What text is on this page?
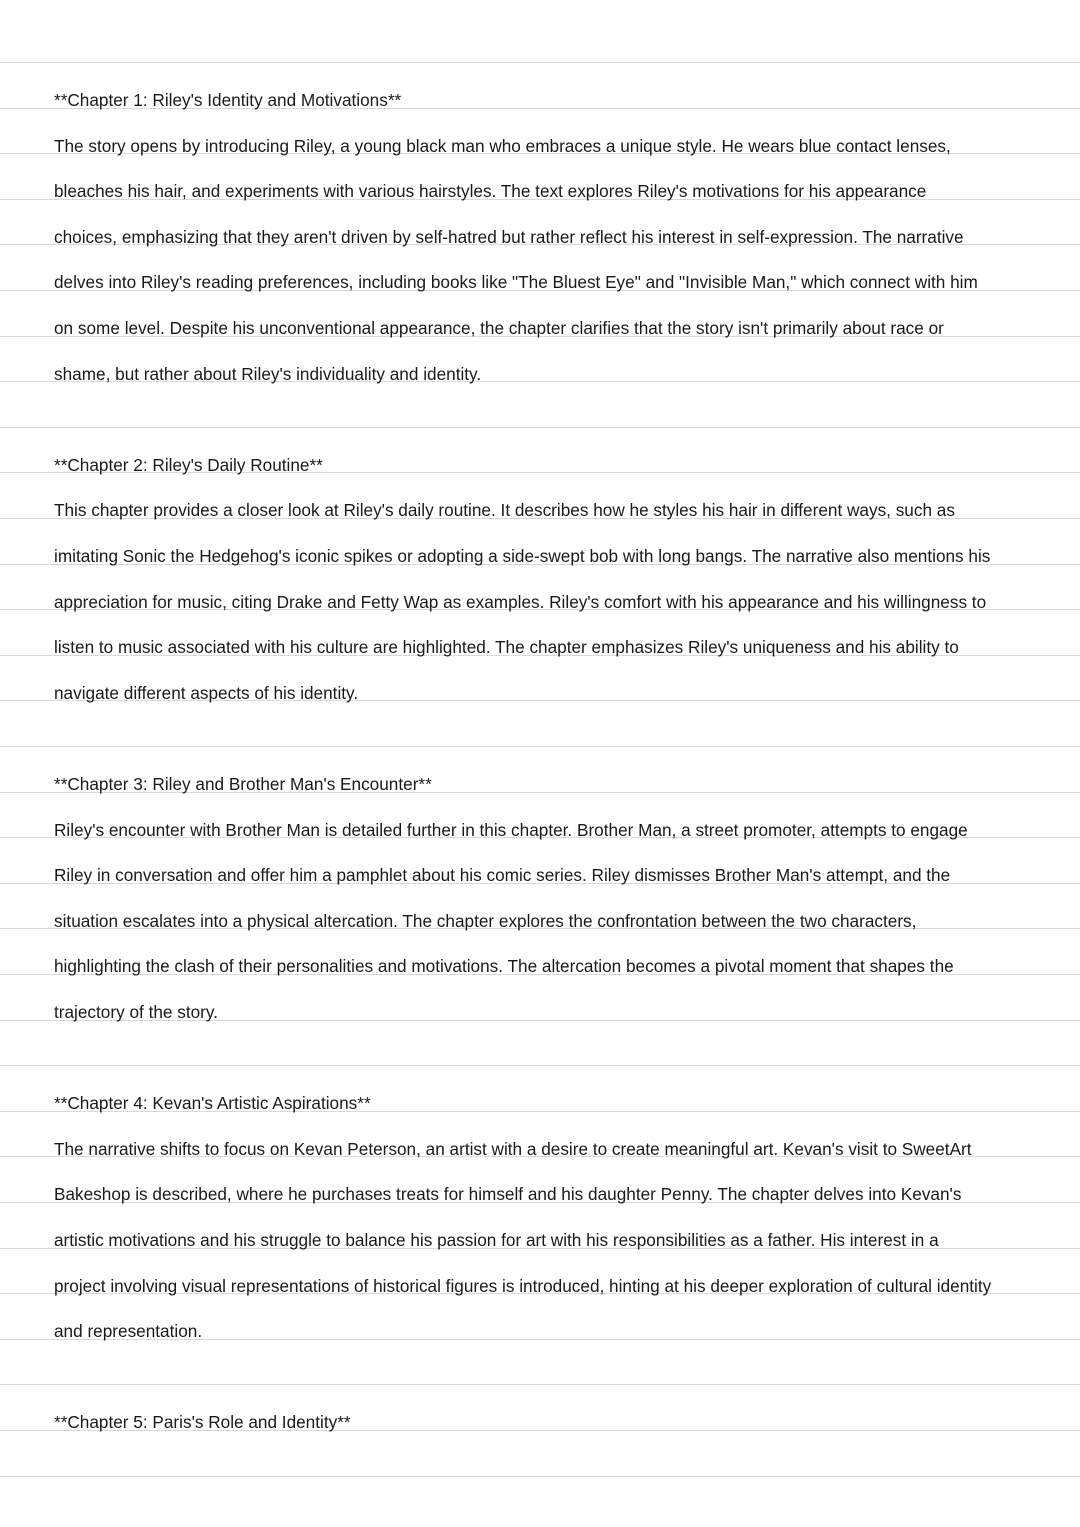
**Chapter 1: Riley's Identity and Motivations**
The story opens by introducing Riley, a young black man who embraces a unique style. He wears blue contact lenses,
bleaches his hair, and experiments with various hairstyles. The text explores Riley's motivations for his appearance
choices, emphasizing that they aren't driven by self-hatred but rather reflect his interest in self-expression. The narrative
delves into Riley's reading preferences, including books like "The Bluest Eye" and "Invisible Man," which connect with him
on some level. Despite his unconventional appearance, the chapter clarifies that the story isn't primarily about race or
shame, but rather about Riley's individuality and identity.
**Chapter 2: Riley's Daily Routine**
This chapter provides a closer look at Riley's daily routine. It describes how he styles his hair in different ways, such as
imitating Sonic the Hedgehog's iconic spikes or adopting a side-swept bob with long bangs. The narrative also mentions his
appreciation for music, citing Drake and Fetty Wap as examples. Riley's comfort with his appearance and his willingness to
listen to music associated with his culture are highlighted. The chapter emphasizes Riley's uniqueness and his ability to
navigate different aspects of his identity.
**Chapter 3: Riley and Brother Man's Encounter**
Riley's encounter with Brother Man is detailed further in this chapter. Brother Man, a street promoter, attempts to engage
Riley in conversation and offer him a pamphlet about his comic series. Riley dismisses Brother Man's attempt, and the
situation escalates into a physical altercation. The chapter explores the confrontation between the two characters,
highlighting the clash of their personalities and motivations. The altercation becomes a pivotal moment that shapes the
trajectory of the story.
**Chapter 4: Kevan's Artistic Aspirations**
The narrative shifts to focus on Kevan Peterson, an artist with a desire to create meaningful art. Kevan's visit to SweetArt
Bakeshop is described, where he purchases treats for himself and his daughter Penny. The chapter delves into Kevan's
artistic motivations and his struggle to balance his passion for art with his responsibilities as a father. His interest in a
project involving visual representations of historical figures is introduced, hinting at his deeper exploration of cultural identity
and representation.
**Chapter 5: Paris's Role and Identity**
